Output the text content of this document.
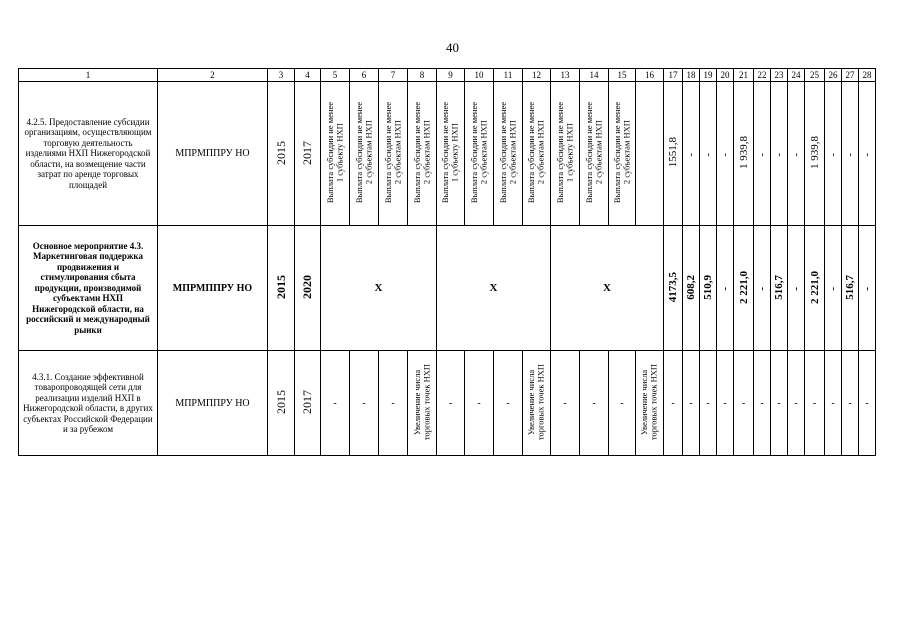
40
1	2	3	4	5	6	7	8	9	10	11	12	13	14	15	16	17	18	19	20	21	22	23	24	25	26	27	28
4.2.5. Предоставление субсидии организациям, осуществляющим торговую деятельность изделиями НХП Нижегородской области, на возмещение части затрат по аренде торговых площадей	МПРМППРУ НО	2015	2017	Выплата субсидии не менее
1 субъекту НХП	Выплата субсидии не менее
2 субъектам НХП	Выплата субсидии не менее
2 субъектам НХП	Выплата субсидии не менее
2 субъектам НХП	Выплата субсидии не менее
1 субъекту НХП	Выплата субсидии не менее
2 субъектам НХП	Выплата субсидии не менее
2 субъектам НХП	Выплата субсидии не менее
2 субъектам НХП	Выплата субсидии не менее
1 субъекту НХП	Выплата субсидии не менее
2 субъектам НХП	Выплата субсидии не менее
2 субъектам НХП		1551,8	-	-	-	1 939,8	-	-	-	1 939,8	-	-	-
Основное мероприятие 4.3. Маркетинговая поддержка продвижения и стимулирования сбыта продукции, производимой субъектами НХП Нижегородской области, на российский и международный рынки	МПРМППРУ НО	2015	2020	Х				Х				Х				4173,5	608,2	510,9	-	2 221,0	-	516,7	-	2 221,0	-	516,7	-
4.3.1. Создание эффективной товаропроводящей сети для реализации изделий НХП в Нижегородской области, в других субъектах Российской Федерации и за рубежом	МПРМППРУ НО	2015	2017	-	-	-	Увеличение числа
торговых точек НХП	-	-	-	Увеличение числа
торговых точек НХП	-	-	-	Увеличение числа
торговых точек НХП	-	-	-	-	-	-	-	-	-	-	-	-
